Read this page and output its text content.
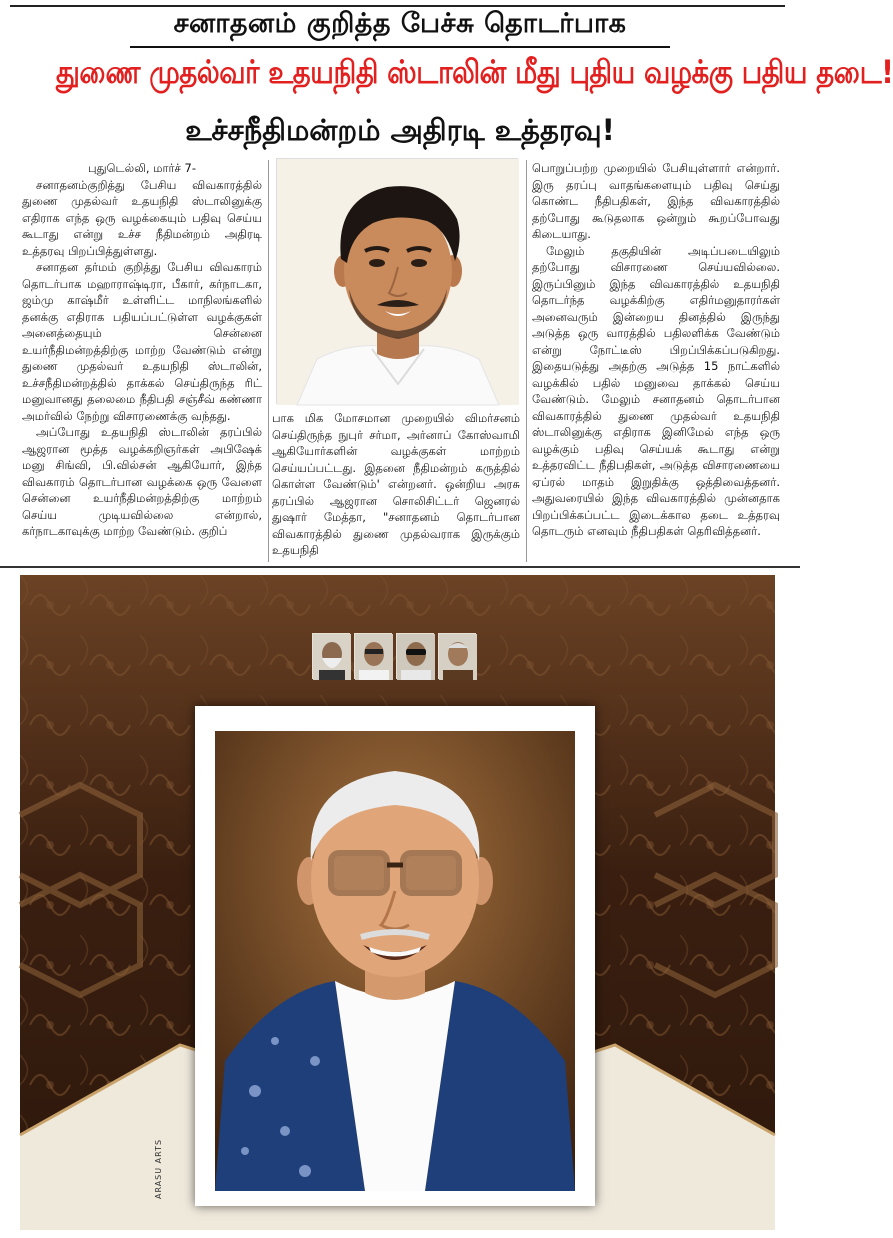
சனாதனம் குறித்த பேச்சு தொடர்பாக
துணை முதல்வர் உதயநிதி ஸ்டாலின் மீது புதிய வழக்கு பதிய தடை!
உச்சநீதிமன்றம் அதிரடி உத்தரவு!

புதுடெல்லி, மார்ச் 7-

சனாதனம்குறித்து பேசிய விவகாரத்தில் துணை முதல்வர் உதயநிதி ஸ்டாலினுக்கு எதிராக எந்த ஒரு வழக்கையும் பதிவு செய்ய கூடாது என்று உச்ச நீதிமன்றம் அதிரடி உத்தரவு பிறப்பித்துள்ளது.

சனாதன தர்மம் குறித்து பேசிய விவகாரம் தொடர்பாக மஹாராஷ்டிரா, பீகார், கர்நாடகா, ஜம்மு காஷ்மீர் உள்ளிட்ட மாநிலங்களில் தனக்கு எதிராக பதியப்பட்டுள்ள வழக்குகள் அனைத்தையும் சென்னை உயர்நீதிமன்றத்திற்கு மாற்ற வேண்டும் என்று துணை முதல்வர் உதயநிதி ஸ்டாலின், உச்சநீதிமன்றத்தில் தாக்கல் செய்திருந்த ரிட் மனுவானது தலைமை நீதிபதி சஞ்சீவ் கண்ணா அமர்வில் நேற்று விசாரணைக்கு வந்தது.

அப்போது உதயநிதி ஸ்டாலின் தரப்பில் ஆஜரான மூத்த வழக்கறிஞர்கள் அபிஷேக் மனு சிங்வி, பி.வில்சன் ஆகியோர், இந்த விவகாரம் தொடர்பான வழக்கை ஒரு வேளை சென்னை உயர்நீதிமன்றத்திற்கு மாற்றம் செய்ய முடியவில்லை என்றால், கர்நாடகாவுக்கு மாற்ற வேண்டும். குறிப்

பாக மிக மோசமான முறையில் விமர்சனம் செய்திருந்த நுபுர் சர்மா, அர்னாப் கோஸ்வாமி ஆகியோர்களின் வழக்குகள் மாற்றம் செய்யப்பட்டது. இதனை நீதிமன்றம் கருத்தில் கொள்ள வேண்டும்' என்றனர். ஒன்றிய அரசு தரப்பில் ஆஜரான சொலிசிட்டர் ஜெனரல் துஷார் மேத்தா, "சனாதனம் தொடர்பான விவகாரத்தில் துணை முதல்வராக இருக்கும் உதயநிதி

பொறுப்பற்ற முறையில் பேசியுள்ளார் என்றார். இரு தரப்பு வாதங்களையும் பதிவு செய்து கொண்ட நீதிபதிகள், இந்த விவகாரத்தில் தற்போது கூடுதலாக ஒன்றும் கூறப்போவது கிடையாது.

மேலும் தகுதியின் அடிப்படையிலும் தற்போது விசாரணை செய்யவில்லை. இருப்பினும் இந்த விவகாரத்தில் உதயநிதி தொடர்ந்த வழக்கிற்கு எதிர்மனுதாரர்கள் அனைவரும் இன்றைய தினத்தில் இருந்து அடுத்த ஒரு வாரத்தில் பதிலளிக்க வேண்டும் என்று நோட்டீஸ் பிறப்பிக்கப்படுகிறது. இதையடுத்து அதற்கு அடுத்த 15 நாட்களில் வழக்கில் பதில் மனுவை தாக்கல் செய்ய வேண்டும். மேலும் சனாதனம் தொடர்பான விவகாரத்தில் துணை முதல்வர் உதயநிதி ஸ்டாலினுக்கு எதிராக இனிமேல் எந்த ஒரு வழக்கும் பதிவு செய்யக் கூடாது என்று உத்தரவிட்ட நீதிபதிகள், அடுத்த விசாரணையை ஏப்ரல் மாதம் இறுதிக்கு ஒத்திவைத்தனர். அதுவரையில் இந்த விவகாரத்தில் முன்னதாக பிறப்பிக்கப்பட்ட இடைக்கால தடை உத்தரவு தொடரும் எனவும் நீதிபதிகள் தெரிவித்தனர்.

ARASU ARTS
